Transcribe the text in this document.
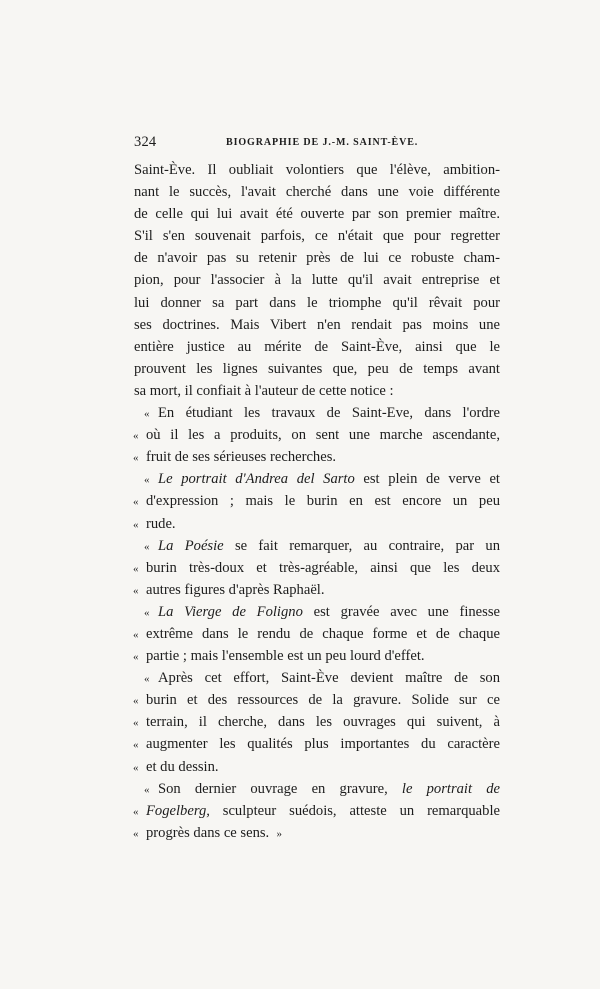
324	BIOGRAPHIE DE J.-M. SAINT-ÈVE.
Saint-Ève. Il oubliait volontiers que l'élève, ambition-
nant le succès, l'avait cherché dans une voie différente
de celle qui lui avait été ouverte par son premier maître.
S'il s'en souvenait parfois, ce n'était que pour regretter
de n'avoir pas su retenir près de lui ce robuste cham-
pion, pour l'associer à la lutte qu'il avait entreprise et
lui donner sa part dans le triomphe qu'il rêvait pour
ses doctrines. Mais Vibert n'en rendait pas moins une
entière justice au mérite de Saint-Ève, ainsi que le
prouvent les lignes suivantes que, peu de temps avant
sa mort, il confiait à l'auteur de cette notice :
« En étudiant les travaux de Saint-Eve, dans l'ordre
« où il les a produits, on sent une marche ascendante,
« fruit de ses sérieuses recherches.
« Le portrait d'Andrea del Sarto est plein de verve et
« d'expression ; mais le burin en est encore un peu
« rude.
« La Poésie se fait remarquer, au contraire, par un
« burin très-doux et très-agréable, ainsi que les deux
« autres figures d'après Raphaël.
« La Vierge de Foligno est gravée avec une finesse
« extrême dans le rendu de chaque forme et de chaque
« partie ; mais l'ensemble est un peu lourd d'effet.
« Après cet effort, Saint-Ève devient maître de son
« burin et des ressources de la gravure. Solide sur ce
« terrain, il cherche, dans les ouvrages qui suivent, à
« augmenter les qualités plus importantes du caractère
« et du dessin.
« Son dernier ouvrage en gravure, le portrait de
« Fogelberg, sculpteur suédois, atteste un remarquable
« progrès dans ce sens. »
